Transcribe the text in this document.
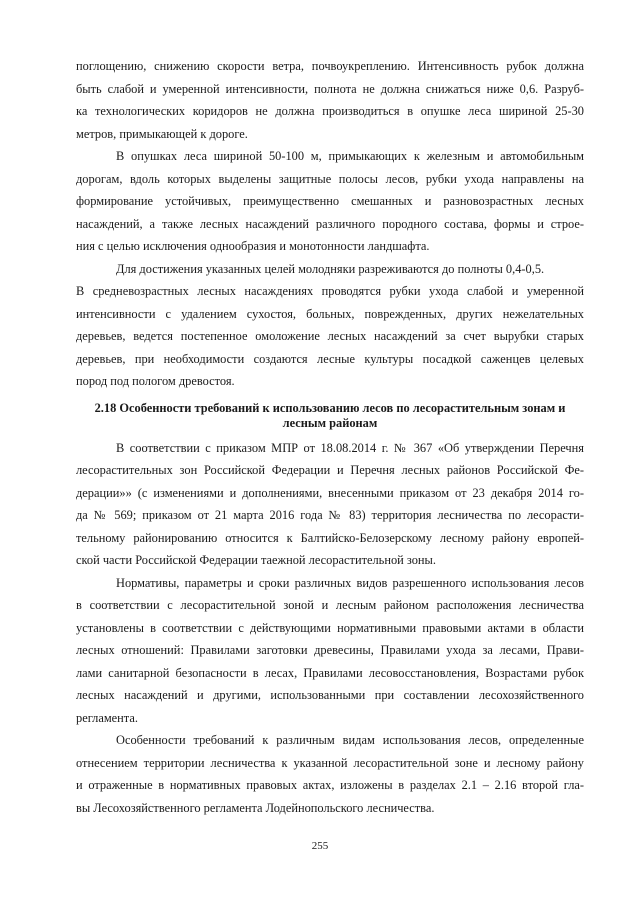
поглощению, снижению скорости ветра, почвоукреплению. Интенсивность рубок должна
быть слабой и умеренной интенсивности, полнота не должна снижаться ниже 0,6. Разруб-
ка технологических коридоров не должна производиться в опушке леса шириной 25-30
метров, примыкающей к дороге.
В опушках леса шириной 50-100 м, примыкающих к железным и автомобильным
дорогам, вдоль которых выделены защитные полосы лесов, рубки ухода направлены на
формирование устойчивых, преимущественно смешанных и разновозрастных лесных
насаждений, а также лесных насаждений различного породного состава, формы и строе-
ния с целью исключения однообразия и монотонности ландшафта.
Для достижения указанных целей молодняки разреживаются до полноты 0,4-0,5.
В средневозрастных лесных насаждениях проводятся рубки ухода слабой и умеренной
интенсивности с удалением сухостоя, больных, поврежденных, других нежелательных
деревьев, ведется постепенное омоложение лесных насаждений за счет вырубки старых
деревьев, при необходимости создаются лесные культуры посадкой саженцев целевых
пород под пологом древостоя.
2.18 Особенности требований к использованию лесов по лесорастительным зонам и
лесным районам
В соответствии с приказом МПР от 18.08.2014 г. № 367 «Об утверждении Перечня
лесорастительных зон Российской Федерации и Перечня лесных районов Российской Фе-
дерации»» (с изменениями и дополнениями, внесенными приказом от 23 декабря 2014 го-
да № 569; приказом от 21 марта 2016 года № 83) территория лесничества по лесорасти-
тельному районированию относится к Балтийско-Белозерскому лесному району европей-
ской части Российской Федерации таежной лесорастительной зоны.
Нормативы, параметры и сроки различных видов разрешенного использования лесов
в соответствии с лесорастительной зоной и лесным районом расположения лесничества
установлены в соответствии с действующими нормативными правовыми актами в области
лесных отношений: Правилами заготовки древесины, Правилами ухода за лесами, Прави-
лами санитарной безопасности в лесах, Правилами лесовосстановления, Возрастами рубок
лесных насаждений и другими, использованными при составлении лесохозяйственного
регламента.
Особенности требований к различным видам использования лесов, определенные
отнесением территории лесничества к указанной лесорастительной зоне и лесному району
и отраженные в нормативных правовых актах, изложены в разделах 2.1 – 2.16 второй гла-
вы Лесохозяйственного регламента Лодейнопольского лесничества.
255
